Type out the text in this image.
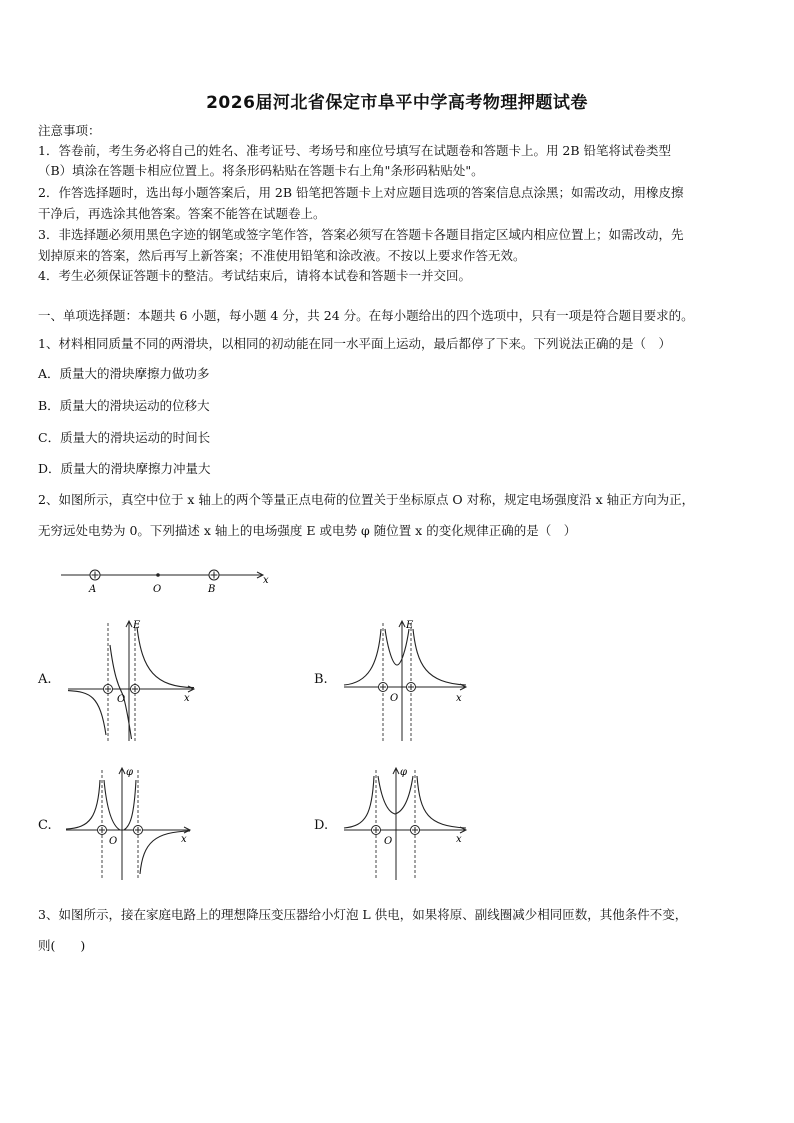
2026届河北省保定市阜平中学高考物理押题试卷
注意事项：
1．答卷前，考生务必将自己的姓名、准考证号、考场号和座位号填写在试题卷和答题卡上。用 2B 铅笔将试卷类型
（B）填涂在答题卡相应位置上。将条形码粘贴在答题卡右上角"条形码粘贴处"。
2．作答选择题时，选出每小题答案后，用 2B 铅笔把答题卡上对应题目选项的答案信息点涂黑；如需改动，用橡皮擦
干净后，再选涂其他答案。答案不能答在试题卷上。
3．非选择题必须用黑色字迹的钢笔或签字笔作答，答案必须写在答题卡各题目指定区域内相应位置上；如需改动，先
划掉原来的答案，然后再写上新答案；不准使用铅笔和涂改液。不按以上要求作答无效。
4．考生必须保证答题卡的整洁。考试结束后，请将本试卷和答题卡一并交回。
一、单项选择题：本题共 6 小题，每小题 4 分，共 24 分。在每小题给出的四个选项中，只有一项是符合题目要求的。
1、材料相同质量不同的两滑块，以相同的初动能在同一水平面上运动，最后都停了下来。下列说法正确的是（　）
A．质量大的滑块摩擦力做功多
B．质量大的滑块运动的位移大
C．质量大的滑块运动的时间长
D．质量大的滑块摩擦力冲量大
2、如图所示，真空中位于 x 轴上的两个等量正点电荷的位置关于坐标原点 O 对称，规定电场强度沿 x 轴正方向为正，
无穷远处电势为 0。下列描述 x 轴上的电场强度 E 或电势 φ 随位置 x 的变化规律正确的是（　）
A	O	B
x
A.	B.
C.	D.
E
O	x
E
O	x
φ
O	x
φ
O	x
3、如图所示，接在家庭电路上的理想降压变压器给小灯泡 L 供电，如果将原、副线圈减少相同匝数，其他条件不变，
则(　　)
